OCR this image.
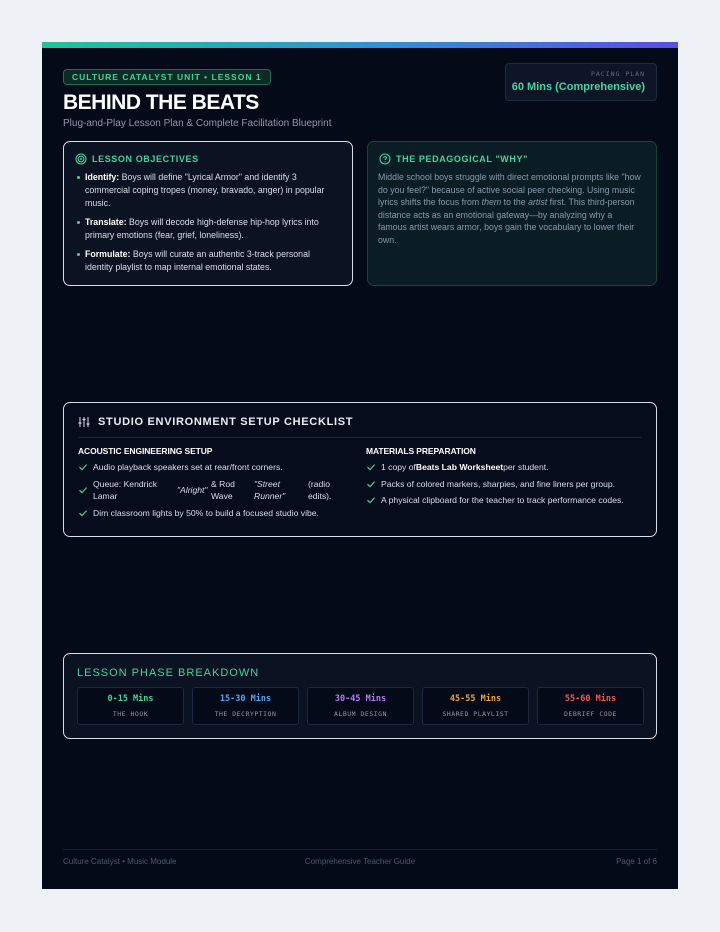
CULTURE CATALYST UNIT • LESSON 1
BEHIND THE BEATS
Plug-and-Play Lesson Plan & Complete Facilitation Blueprint
PACING PLAN
60 Mins (Comprehensive)
LESSON OBJECTIVES
Identify: Boys will define "Lyrical Armor" and identify 3 commercial coping tropes (money, bravado, anger) in popular music.
Translate: Boys will decode high-defense hip-hop lyrics into primary emotions (fear, grief, loneliness).
Formulate: Boys will curate an authentic 3-track personal identity playlist to map internal emotional states.
THE PEDAGOGICAL "WHY"

Middle school boys struggle with direct emotional prompts like "how do you feel?" because of active social peer checking. Using music lyrics shifts the focus from them to the artist first. This third-person distance acts as an emotional gateway—by analyzing why a famous artist wears armor, boys gain the vocabulary to lower their own.

STUDIO ENVIRONMENT SETUP CHECKLIST
ACOUSTIC ENGINEERING SETUP
Audio playback speakers set at rear/front corners.
Queue: Kendrick Lamar
"Alright"
& Rod Wave
"Street Runner"
(radio edits).
Dim classroom lights by 50% to build a focused studio vibe.
MATERIALS PREPARATION
1 copy ofBeats Lab Worksheetper student.
Packs of colored markers, sharpies, and fine liners per group.
A physical clipboard for the teacher to track performance codes.
LESSON PHASE BREAKDOWN
0-15 Mins
THE HOOK
15-30 Mins
THE DECRYPTION
30-45 Mins
ALBUM DESIGN
45-55 Mins
SHARED PLAYLIST
55-60 Mins
DEBRIEF CODE
Culture Catalyst • Music Module	Comprehensive Teacher Guide	Page 1 of 6
